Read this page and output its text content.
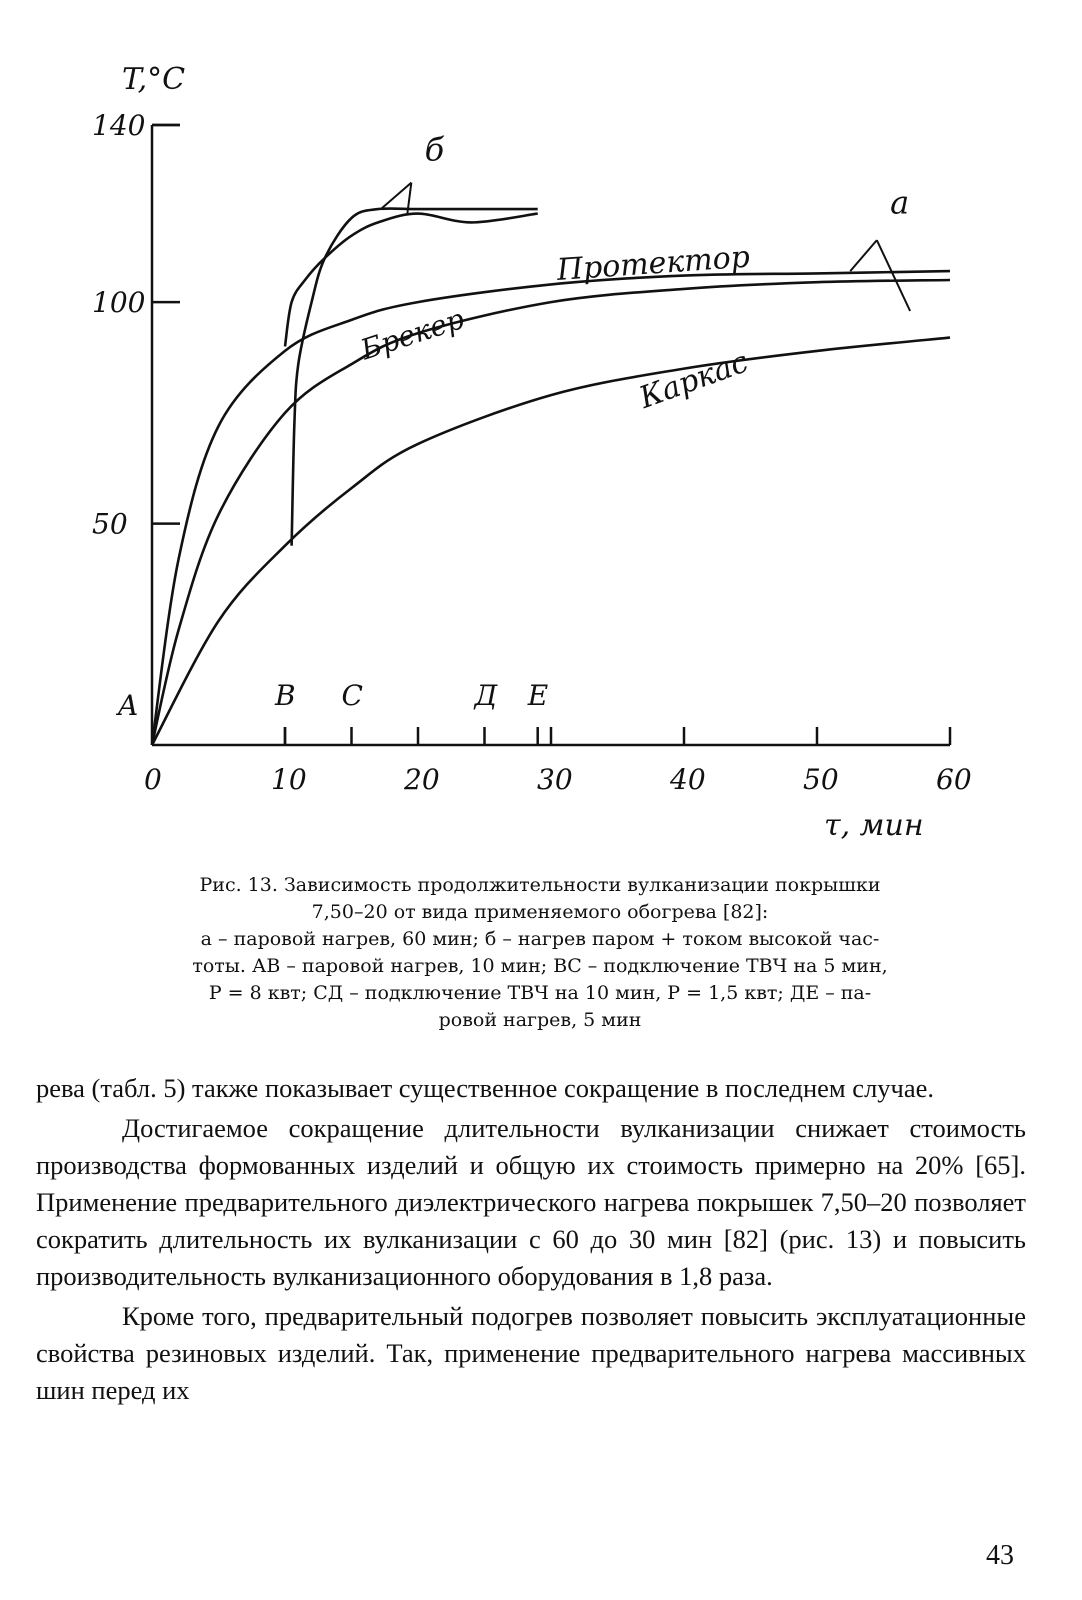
0	10	20	30	40	50	60
50
100
140
T,°C
τ, мин
A	B C	Д E
Протектор
Брекер
Каркас
a
б

Рис. 13. Зависимость продолжительности вулканизации покрышки

7,50–20 от вида применяемого обогрева [82]:

а – паровой нагрев, 60 мин; б – нагрев паром + током высокой час-

тоты. АВ – паровой нагрев, 10 мин; ВС – подключение ТВЧ на 5 мин,

Р = 8 квт; СД – подключение ТВЧ на 10 мин, Р = 1,5 квт; ДЕ – па-

ровой нагрев, 5 мин

рева (табл. 5) также показывает существенное сокращение в последнем случае.

Достигаемое сокращение длительности вулканизации снижает стоимость производства формованных изделий и общую их стоимость примерно на 20% [65]. Применение предварительного диэлектрического нагрева покрышек 7,50–20 позволяет сократить длительность их вулканизации с 60 до 30 мин [82] (рис. 13) и повысить производительность вулканизационного оборудования в 1,8 раза.

Кроме того, предварительный подогрев позволяет повысить эксплуатационные свойства резиновых изделий. Так, применение предварительного нагрева массивных шин перед их

43
